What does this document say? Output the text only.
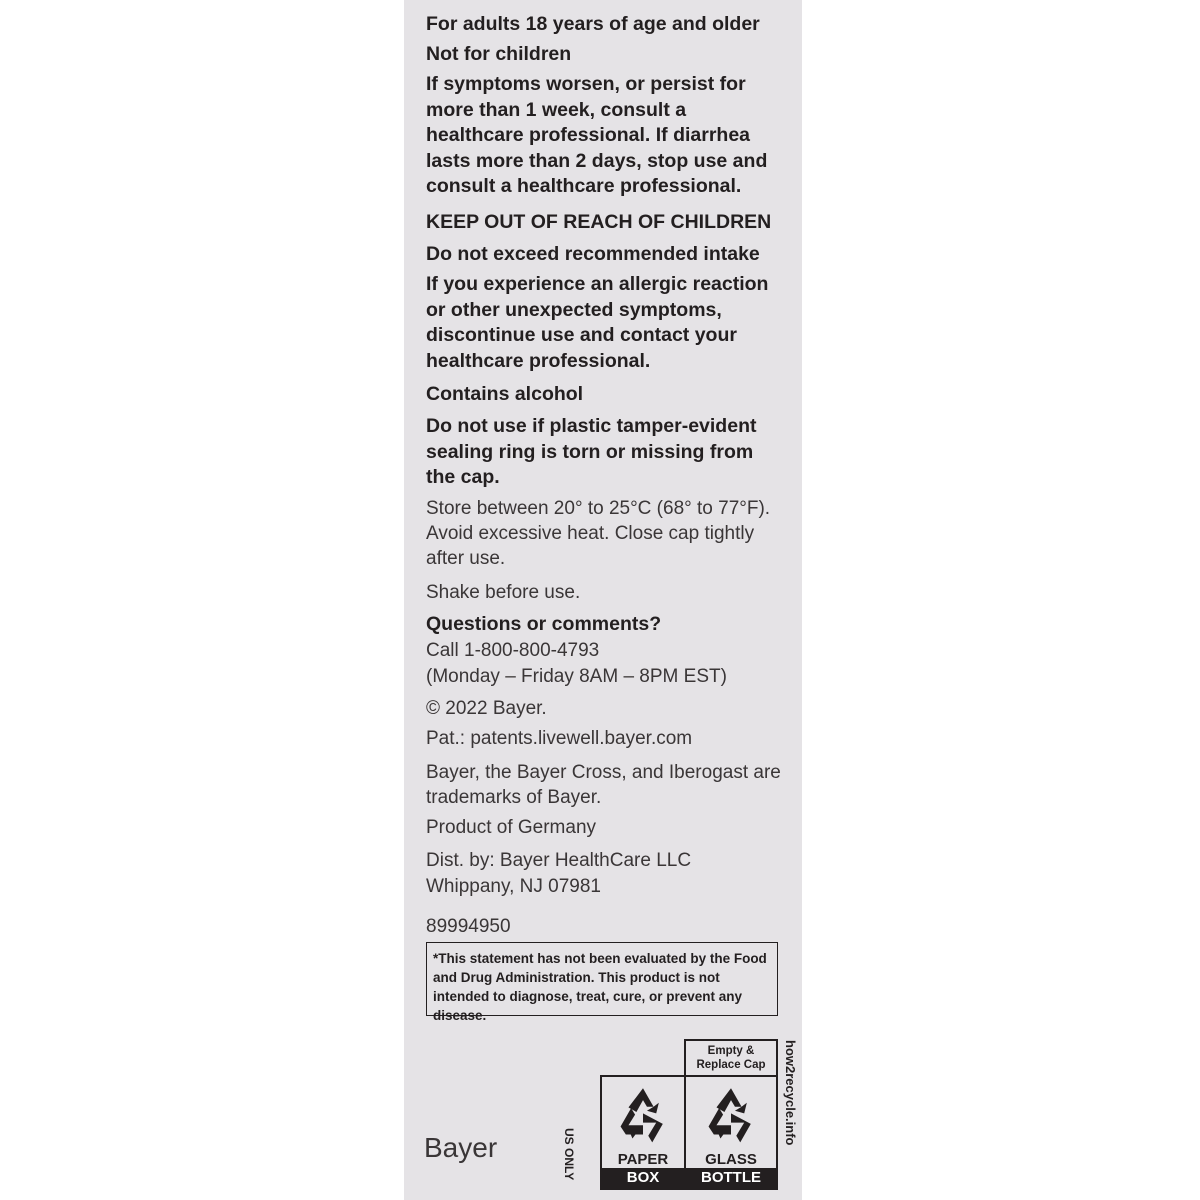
For adults 18 years of age and older
Not for children
If symptoms worsen, or persist for more than 1 week, consult a healthcare professional. If diarrhea lasts more than 2 days, stop use and consult a healthcare professional.
KEEP OUT OF REACH OF CHILDREN
Do not exceed recommended intake
If you experience an allergic reaction or other unexpected symptoms, discontinue use and contact your healthcare professional.
Contains alcohol
Do not use if plastic tamper-evident sealing ring is torn or missing from the cap.
Store between 20° to 25°C (68° to 77°F). Avoid excessive heat. Close cap tightly after use.
Shake before use.
Questions or comments?
Call 1-800-800-4793
(Monday – Friday 8AM – 8PM EST)
© 2022 Bayer.
Pat.: patents.livewell.bayer.com
Bayer, the Bayer Cross, and Iberogast are trademarks of Bayer.
Product of Germany
Dist. by: Bayer HealthCare LLC
Whippany, NJ 07981
89994950
*This statement has not been evaluated by the Food and Drug Administration. This product is not intended to diagnose, treat, cure, or prevent any disease.
US ONLY
Empty & Replace Cap	how2recycle.info
PAPER
BOX
GLASS
BOTTLE
Bayer
